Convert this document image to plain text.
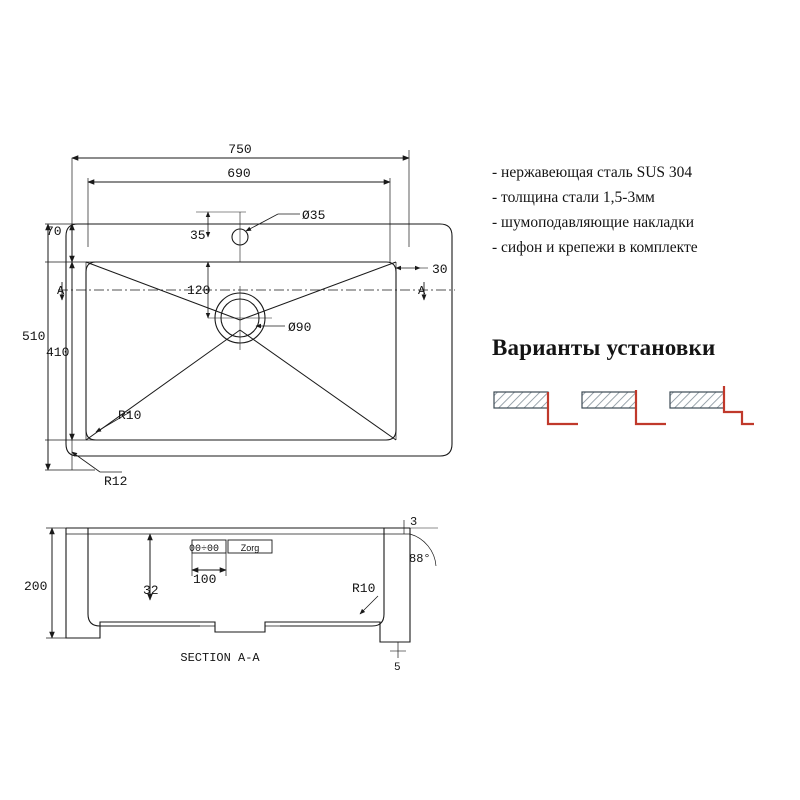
750
690
510
410
70	35
120
Ø35
Ø90
30
R10
R12
A	A
200	32
100
00÷00
3
88°
R10
5
SECTION A-A
Zorg
- нержавеющая сталь SUS 304
- толщина стали 1,5-3мм
- шумоподавляющие накладки
- сифон и крепежи в комплекте
Варианты установки
